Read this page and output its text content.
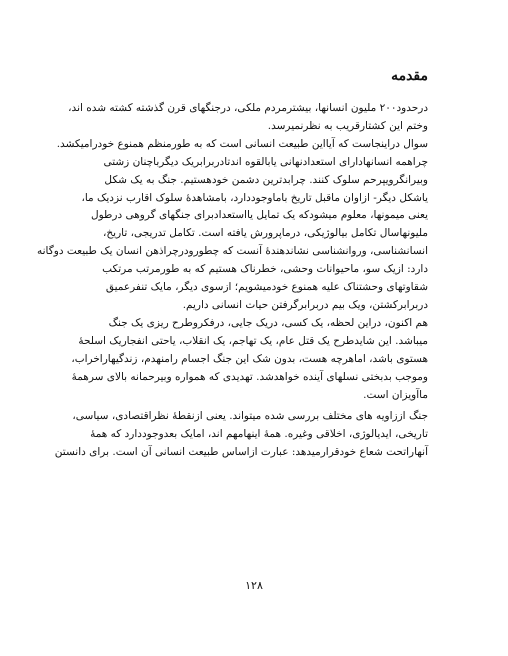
مقدمه
درحدود۲۰۰ ملیون انسانها، بیشترمردم ملکی، درجنگهای قرن گذشته کشته شده اند،
وختم این کشتارقریب به نظرنمیرسد.
سوال دراینجاست که آیااین طبیعت انسانی است که به طورمنظم همنوع خودرامیکشد.
چراهمه انسانهادارای استعدادنهانی یابالقوه اندتادربرابریک دیگرباچنان زشتی
وبیرانگرویپرحم سلوک کنند. چرابدترین دشمن خودهستیم. جنگ به یک شکل
یاشکل دیگر- ازاوان ماقبل تاریخ باماوجوددارد، بامشاهدهٔ سلوک اقارب نزدیک ما،
یعنی میمونها، معلوم میشودکه یک تمایل یااستعدادبرای جنگهای گروهی درطول
ملیونهاسال تکامل بیالوژیکی، درماپرورش یافته است. تکامل تدریجی، تاریخ،
انسانشناسی، وروانشناسی نشاندهندهٔ آنست که چطورودرچراذهن انسان یک طبیعت دوگانه
دارد: ازیک سو، ماحیوانات وحشی، خطرناک هستیم که به طورمرتب مرتکب
شقاوتهای وحشتناک علیه همنوع خودمیشویم؛ ازسوی دیگر، مایک تنفرعمیق
دربرابرکشتن، ویک بیم دربرابرگرفتن حیات انسانی داریم.
هم اکنون، دراین لحظه، یک کسی، دریک جایی، درفکروطرح ریزی یک جنگ
میباشد. این شایدطرح یک قتل عام، یک تهاجم، یک انقلاب، یاحتی انفجاریک اسلحهٔ
هستوی باشد، اماهرچه هست، بدون شک این جنگ اجسام رامنهدم، زندگیهاراخراب،
وموجب بدبختی نسلهای آینده خواهدشد. تهدیدی که همواره وبیرحمانه بالای سرهمهٔ
ماآویزان است.
جنگ اززاویه های مختلف بررسی شده میتواند. یعنی ازنقطهٔ نظراقتصادی، سیاسی،
تاریخی، ایدیالوژی، اخلاقی وغیره. همهٔ اینهامهم اند، امایک بعدوجوددارد که همهٔ
آنهاراتحت شعاع خودقرارمیدهد: عبارت ازاساس طبیعت انسانی آن است. برای دانستن
۱۲۸
